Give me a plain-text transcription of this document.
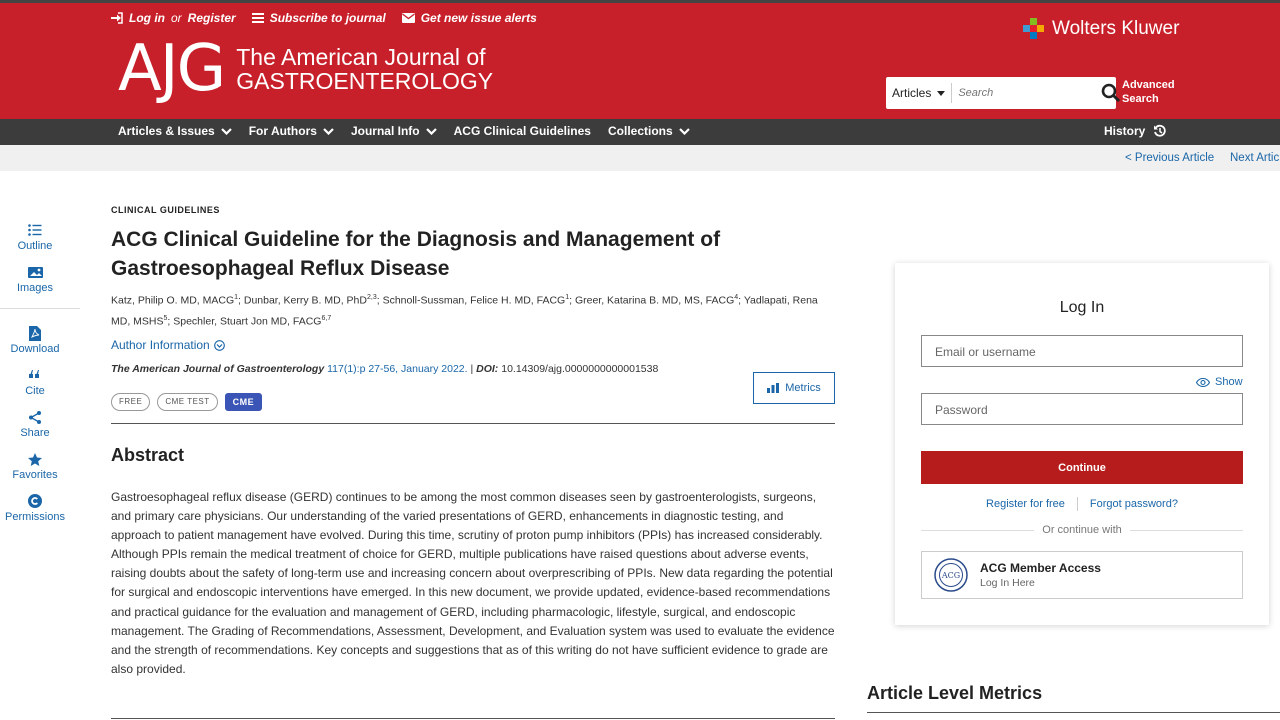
Log in or Register	Subscribe to journal	Get new issue alerts
AJG The American Journal of
GASTROENTEROLOGY
Wolters Kluwer
Articles
Search
Advanced
Search
Articles & Issues	For Authors	Journal Info	ACG Clinical Guidelines Collections	History
< Previous Article Next Artic
Outline
Images
Download
Cite
Share
Favorites
Permissions
CLINICAL GUIDELINES
ACG Clinical Guideline for the Diagnosis and Management of Gastroesophageal Reflux Disease
Katz, Philip O. MD, MACG$^1$; Dunbar, Kerry B. MD, PhD$^{2,3}$; Schnoll-Sussman, Felice H. MD, FACG$^1$; Greer, Katarina B. MD, MS, FACG$^4$; Yadlapati, Rena MD, MSHS$^5$; Spechler, Stuart Jon MD, FACG$^{6,7}$
Author Information
The American Journal of Gastroenterology 117(1):p 27-56, January 2022. | DOI: 10.14309/ajg.0000000000001538
FREE	CME TEST	CME
Metrics
Abstract
Gastroesophageal reflux disease (GERD) continues to be among the most common diseases seen by gastroenterologists, surgeons, and primary care physicians. Our understanding of the varied presentations of GERD, enhancements in diagnostic testing, and approach to patient management have evolved. During this time, scrutiny of proton pump inhibitors (PPIs) has increased considerably. Although PPIs remain the medical treatment of choice for GERD, multiple publications have raised questions about adverse events, raising doubts about the safety of long-term use and increasing concern about overprescribing of PPIs. New data regarding the potential for surgical and endoscopic interventions have emerged. In this new document, we provide updated, evidence-based recommendations and practical guidance for the evaluation and management of GERD, including pharmacologic, lifestyle, surgical, and endoscopic management. The Grading of Recommendations, Assessment, Development, and Evaluation system was used to evaluate the evidence and the strength of recommendations. Key concepts and suggestions that as of this writing do not have sufficient evidence to grade are also provided.
Log In
Email or username
Show
Password
Continue
Register for free Forgot password?
Or continue with
ACG
ACG Member Access
Log In Here
Article Level Metrics
